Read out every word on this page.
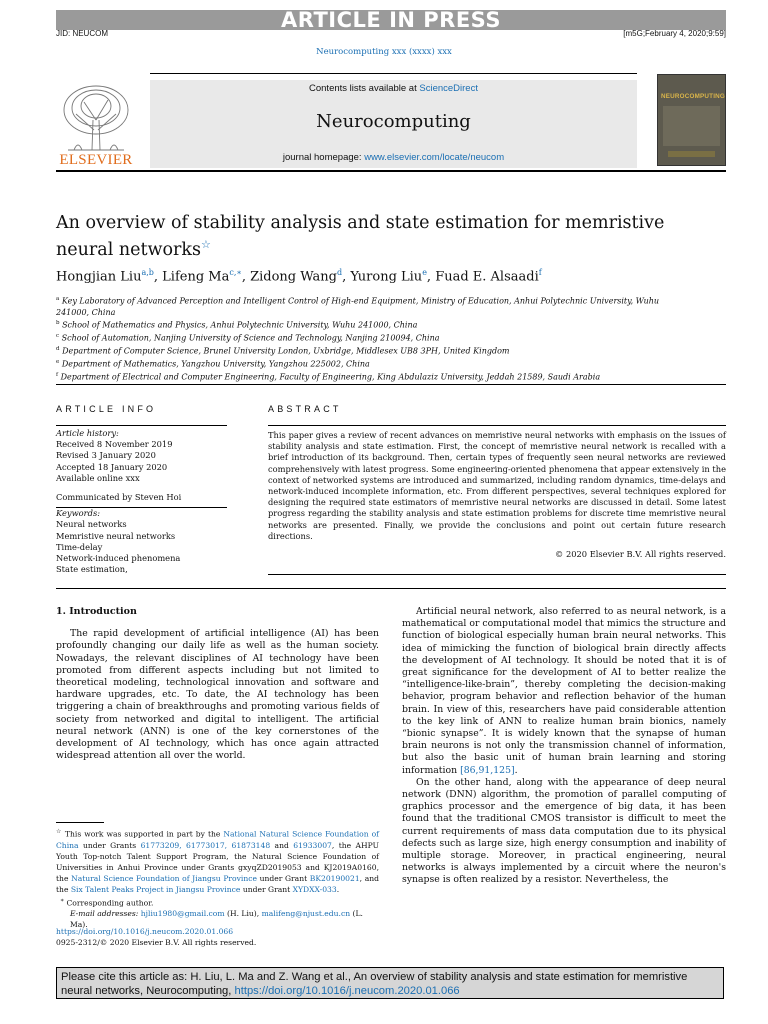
ARTICLE IN PRESS
JID: NEUCOM	[m5G;February 4, 2020;9:59]
Neurocomputing xxx (xxxx) xxx
ELSEVIER
Contents lists available at ScienceDirect
Neurocomputing
journal homepage: www.elsevier.com/locate/neucom
NEUROCOMPUTING
An overview of stability analysis and state estimation for memristive neural networks☆
Hongjian Liu$^{a,b}$, Lifeng $Ma^{c,∗}$, Zidong Wang$^d$, Yurong Liu$^e$, Fuad E. Alsaadi$^f$
$^a$ Key Laboratory of Advanced Perception and Intelligent Control of High-end Equipment, Ministry of Education, Anhui Polytechnic University, Wuhu 241000, China
$^b$ School of Mathematics and Physics, Anhui Polytechnic University, Wuhu 241000, China
$^c$ School of Automation, Nanjing University of Science and Technology, Nanjing 210094, China
$^d$ Department of Computer Science, Brunel University London, Uxbridge, Middlesex UB8 3PH, United Kingdom
$^e$ Department of Mathematics, Yangzhou University, Yangzhou 225002, China
$^f$ Department of Electrical and Computer Engineering, Faculty of Engineering, King Abdulaziz University, Jeddah 21589, Saudi Arabia
ARTICLE INFO	ABSTRACT
Article history:
Received 8 November 2019
Revised 3 January 2020
Accepted 18 January 2020
Available online xxx
Communicated by Steven Hoi
Keywords:
Neural networks
Memristive neural networks
Time-delay
Network-induced phenomena
State estimation,
This paper gives a review of recent advances on memristive neural networks with emphasis on the issues of stability analysis and state estimation. First, the concept of memristive neural network is recalled with a brief introduction of its background. Then, certain types of frequently seen neural networks are reviewed comprehensively with latest progress. Some engineering-oriented phenomena that appear extensively in the context of networked systems are introduced and summarized, including random dynamics, time-delays and network-induced incomplete information, etc. From different perspectives, several techniques explored for designing the required state estimators of memristive neural networks are discussed in detail. Some latest progress regarding the stability analysis and state estimation problems for discrete time memristive neural networks are presented. Finally, we provide the conclusions and point out certain future research directions.
© 2020 Elsevier B.V. All rights reserved.
1. Introduction

The rapid development of artificial intelligence (AI) has been profoundly changing our daily life as well as the human society. Nowadays, the relevant disciplines of AI technology have been promoted from different aspects including but not limited to theoretical modeling, technological innovation and software and hardware upgrades, etc. To date, the AI technology has been triggering a chain of breakthroughs and promoting various fields of society from networked and digital to intelligent. The artificial neural network (ANN) is one of the key cornerstones of the development of AI technology, which has once again attracted widespread attention all over the world.

Artificial neural network, also referred to as neural network, is a mathematical or computational model that mimics the structure and function of biological especially human brain neural networks. This idea of mimicking the function of biological brain directly affects the development of AI technology. It should be noted that it is of great significance for the development of AI to better realize the “intelligence-like-brain”, thereby completing the decision-making behavior, program behavior and reflection behavior of the human brain. In view of this, researchers have paid considerable attention to the key link of ANN to realize human brain bionics, namely “bionic synapse”. It is widely known that the synapse of human brain neurons is not only the transmission channel of information, but also the basic unit of human brain learning and storing information [86,91,125].

On the other hand, along with the appearance of deep neural network (DNN) algorithm, the promotion of parallel computing of graphics processor and the emergence of big data, it has been found that the traditional CMOS transistor is difficult to meet the current requirements of mass data computation due to its physical defects such as large size, high energy consumption and inability of multiple storage. Moreover, in practical engineering, neural networks is always implemented by a circuit where the neuron's synapse is often realized by a resistor. Nevertheless, the

☆ This work was supported in part by the National Natural Science Foundation of China under Grants 61773209, 61773017, 61873148 and 61933007, the AHPU Youth Top-notch Talent Support Program, the Natural Science Foundation of Universities in Anhui Province under Grants gxyqZD2019053 and KJ2019A0160, the Natural Science Foundation of Jiangsu Province under Grant BK20190021, and the Six Talent Peaks Project in Jiangsu Province under Grant XYDXX-033.
∗ Corresponding author.
E-mail addresses: hjliu1980@gmail.com (H. Liu), malifeng@njust.edu.cn (L. Ma).
https://doi.org/10.1016/j.neucom.2020.01.066
0925-2312/© 2020 Elsevier B.V. All rights reserved.
Please cite this article as: H. Liu, L. Ma and Z. Wang et al., An overview of stability analysis and state estimation for memristive neural networks, Neurocomputing, https://doi.org/10.1016/j.neucom.2020.01.066
